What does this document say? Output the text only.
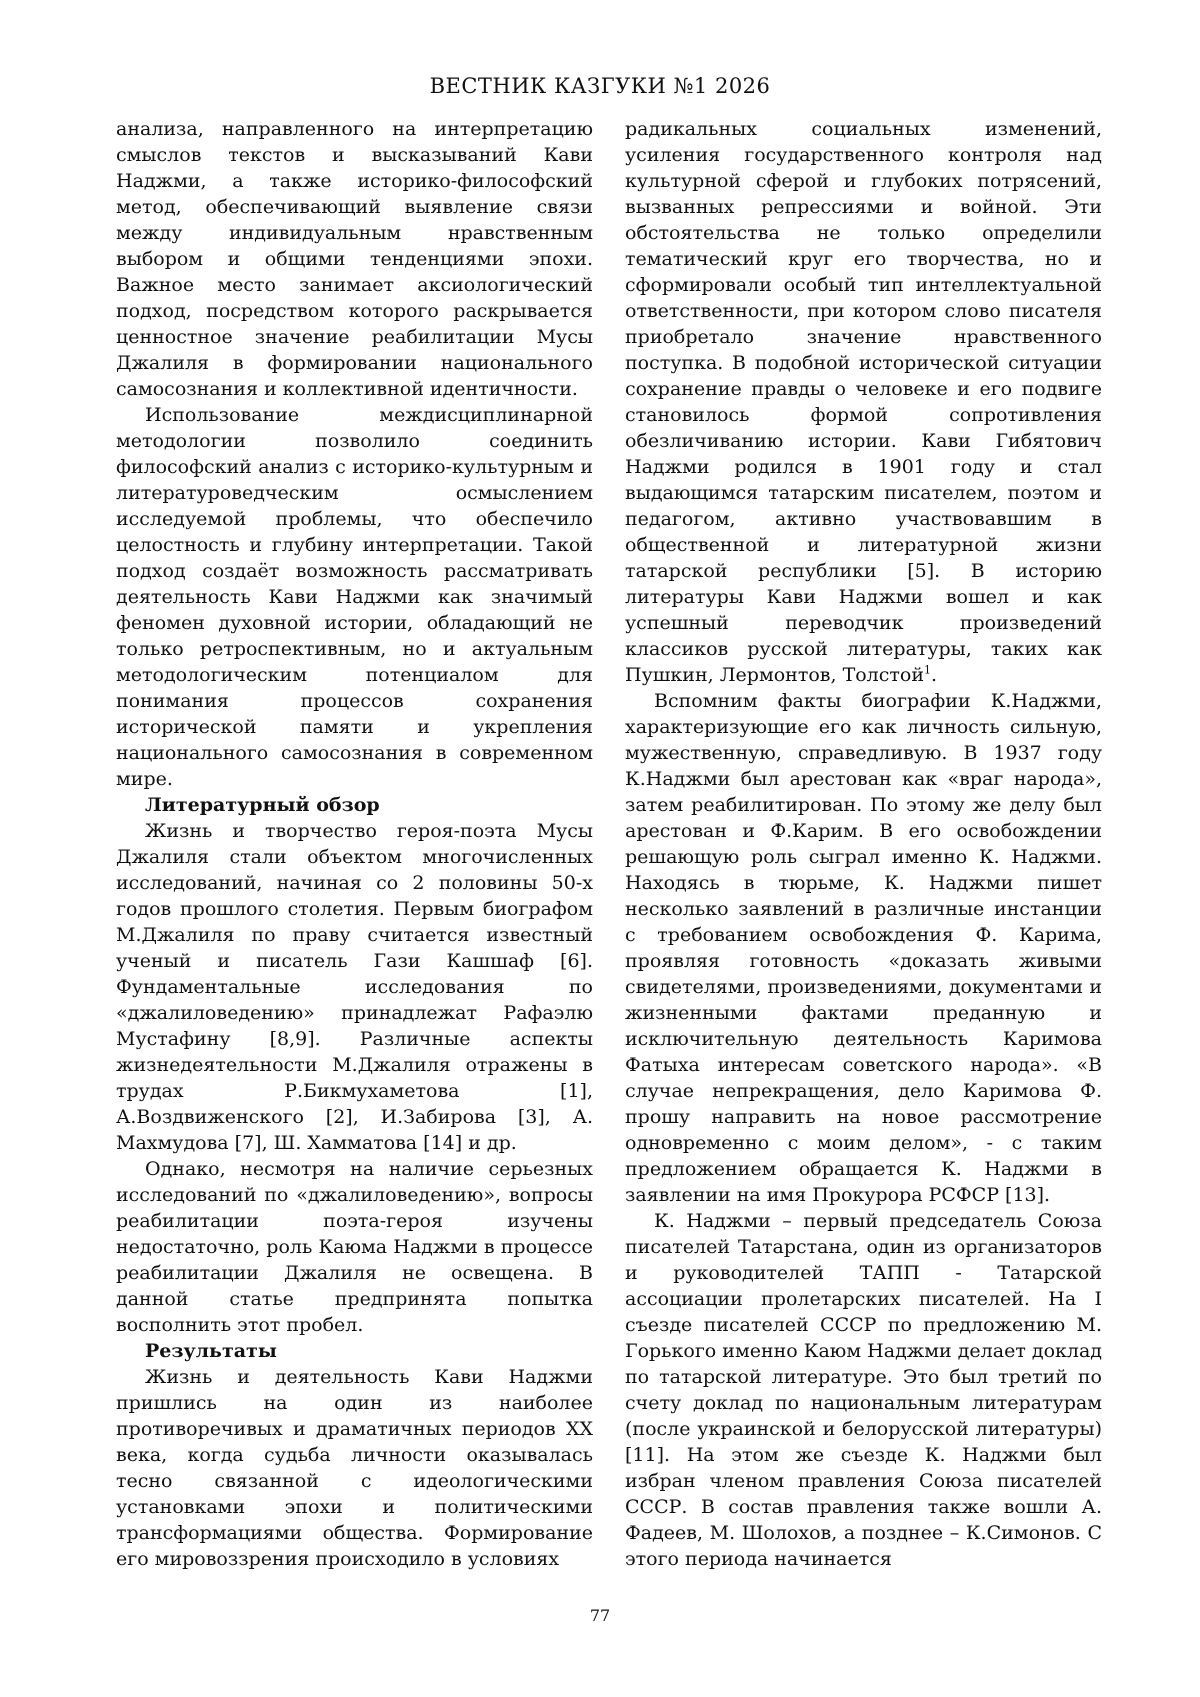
ВЕСТНИК КАЗГУКИ №1 2026

анализа, направленного на интерпретацию смыслов текстов и высказываний Кави Наджми, а также историко-философский метод, обеспечивающий выявление связи между индивидуальным нравственным выбором и общими тенденциями эпохи. Важное место занимает аксиологический подход, посредством которого раскрывается ценностное значение реабилитации Мусы Джалиля в формировании национального самосознания и коллективной идентичности.

Использование междисциплинарной методологии позволило соединить философский анализ с историко-культурным и литературоведческим осмыслением исследуемой проблемы, что обеспечило целостность и глубину интерпретации. Такой подход создаёт возможность рассматривать деятельность Кави Наджми как значимый феномен духовной истории, обладающий не только ретроспективным, но и актуальным методологическим потенциалом для понимания процессов сохранения исторической памяти и укрепления национального самосознания в современном мире.

Литературный обзор

Жизнь и творчество героя-поэта Мусы Джалиля стали объектом многочисленных исследований, начиная со 2 половины 50-х годов прошлого столетия. Первым биографом М.Джалиля по праву считается известный ученый и писатель Гази Кашшаф [6]. Фундаментальные исследования по «джалиловедению» принадлежат Рафаэлю Мустафину [8,9]. Различные аспекты жизнедеятельности М.Джалиля отражены в трудах Р.Бикмухаметова [1], А.Воздвиженского [2], И.Забирова [3], А. Махмудова [7], Ш. Хамматова [14] и др.

Однако, несмотря на наличие серьезных исследований по «джалиловедению», вопросы реабилитации поэта-героя изучены недостаточно, роль Каюма Наджми в процессе реабилитации Джалиля не освещена. В данной статье предпринята попытка восполнить этот пробел.

Результаты

Жизнь и деятельность Кави Наджми пришлись на один из наиболее противоречивых и драматичных периодов XX века, когда судьба личности оказывалась тесно связанной с идеологическими установками эпохи и политическими трансформациями общества. Формирование его мировоззрения происходило в условиях

радикальных социальных изменений, усиления государственного контроля над культурной сферой и глубоких потрясений, вызванных репрессиями и войной. Эти обстоятельства не только определили тематический круг его творчества, но и сформировали особый тип интеллектуальной ответственности, при котором слово писателя приобретало значение нравственного поступка. В подобной исторической ситуации сохранение правды о человеке и его подвиге становилось формой сопротивления обезличиванию истории. Кави Гибятович Наджми родился в 1901 году и стал выдающимся татарским писателем, поэтом и педагогом, активно участвовавшим в общественной и литературной жизни татарской республики [5]. В историю литературы Кави Наджми вошел и как успешный переводчик произведений классиков русской литературы, таких как Пушкин, Лермонтов, Толстой$^1$.

Вспомним факты биографии К.Наджми, характеризующие его как личность сильную, мужественную, справедливую. В 1937 году К.Наджми был арестован как «враг народа», затем реабилитирован. По этому же делу был арестован и Ф.Карим. В его освобождении решающую роль сыграл именно К. Наджми. Находясь в тюрьме, К. Наджми пишет несколько заявлений в различные инстанции с требованием освобождения Ф. Карима, проявляя готовность «доказать живыми свидетелями, произведениями, документами и жизненными фактами преданную и исключительную деятельность Каримова Фатыха интересам советского народа». «В случае непрекращения, дело Каримова Ф. прошу направить на новое рассмотрение одновременно с моим делом», - с таким предложением обращается К. Наджми в заявлении на имя Прокурора РСФСР [13].

К. Наджми – первый председатель Союза писателей Татарстана, один из организаторов и руководителей ТАПП - Татарской ассоциации пролетарских писателей. На I съезде писателей СССР по предложению М. Горького именно Каюм Наджми делает доклад по татарской литературе. Это был третий по счету доклад по национальным литературам (после украинской и белорусской литературы) [11]. На этом же съезде К. Наджми был избран членом правления Союза писателей СССР. В состав правления также вошли А. Фадеев, М. Шолохов, а позднее – К.Симонов. С этого периода начинается

77
